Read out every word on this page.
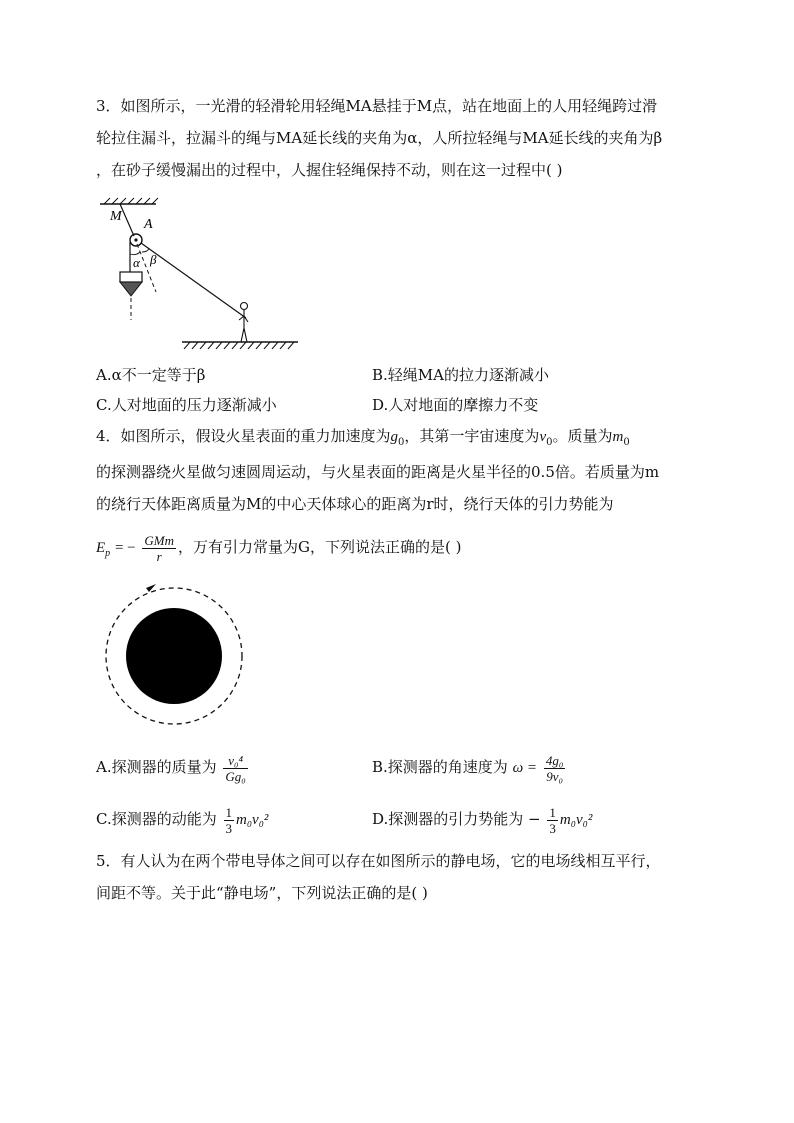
3．如图所示，一光滑的轻滑轮用轻绳MA悬挂于M点，站在地面上的人用轻绳跨过滑
轮拉住漏斗，拉漏斗的绳与MA延长线的夹角为α，人所拉轻绳与MA延长线的夹角为β
，在砂子缓慢漏出的过程中，人握住轻绳保持不动，则在这一过程中( )
M
A
α β
A.α不一定等于β	B.轻绳MA的拉力逐渐减小
C.人对地面的压力逐渐减小	D.人对地面的摩擦力不变
4．如图所示，假设火星表面的重力加速度为$g_0$，其第一宇宙速度为$v_0$。质量为$m_0$
的探测器绕火星做匀速圆周运动，与火星表面的距离是火星半径的0.5倍。若质量为m
的绕行天体距离质量为M的中心天体球心的距离为r时，绕行天体的引力势能为
$E_p$ = − $\frac{\text{GMm}}{r}$ ，万有引力常量为G，下列说法正确的是( )
A.探测器的质量为 $\frac{\text{v₀⁴}}{\text{Gg₀}}$	B.探测器的角速度为 $\omega = \frac{\text{4g₀}}{\text{9v₀}}$
C.探测器的动能为 $\frac{1}{3} m_0v_0^2$	D.探测器的引力势能为 − $\frac{1}{3} m_0v_0^2$
5．有人认为在两个带电导体之间可以存在如图所示的静电场，它的电场线相互平行，
间距不等。关于此“静电场”，下列说法正确的是( )
